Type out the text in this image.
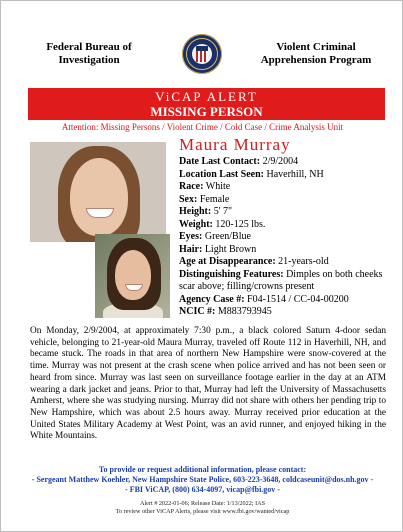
Federal Bureau of
Investigation
Violent Criminal
Apprehension Program
ViCAP ALERT
MISSING PERSON
Attention: Missing Persons / Violent Crime / Cold Case / Crime Analysis Unit
Maura Murray
Date Last Contact: 2/9/2004
Location Last Seen: Haverhill, NH
Race: White
Sex: Female
Height: 5' 7"
Weight: 120-125 lbs.
Eyes: Green/Blue
Hair: Light Brown
Age at Disappearance: 21-years-old
Distinguishing Features: Dimples on both cheeks scar above; filling/crowns present
Agency Case #: F04-1514 / CC-04-00200
NCIC #: M883793945
On Monday, 2/9/2004, at approximately 7:30 p.m., a black colored Saturn 4-door sedan vehicle, belonging to 21-year-old Maura Murray, traveled off Route 112 in Haverhill, NH, and became stuck. The roads in that area of northern New Hampshire were snow-covered at the time. Murray was not present at the crash scene when police arrived and has not been seen or heard from since. Murray was last seen on surveillance footage earlier in the day at an ATM wearing a dark jacket and jeans. Prior to that, Murray had left the University of Massachusetts Amherst, where she was studying nursing. Murray did not share with others her pending trip to New Hampshire, which was about 2.5 hours away. Murray received prior education at the United States Military Academy at West Point, was an avid runner, and enjoyed hiking in the White Mountains.
To provide or request additional information, please contact:
- Sergeant Matthew Koehler, New Hampshire State Police, 603-223-3648, coldcaseunit@dos.nh.gov -
- FBI ViCAP, (800) 634-4097, vicap@fbi.gov -
Alert # 2022-01-06; Release Date: 1/13/2022; IAS
To review other ViCAP Alerts, please visit www.fbi.gov/wanted/vicap
